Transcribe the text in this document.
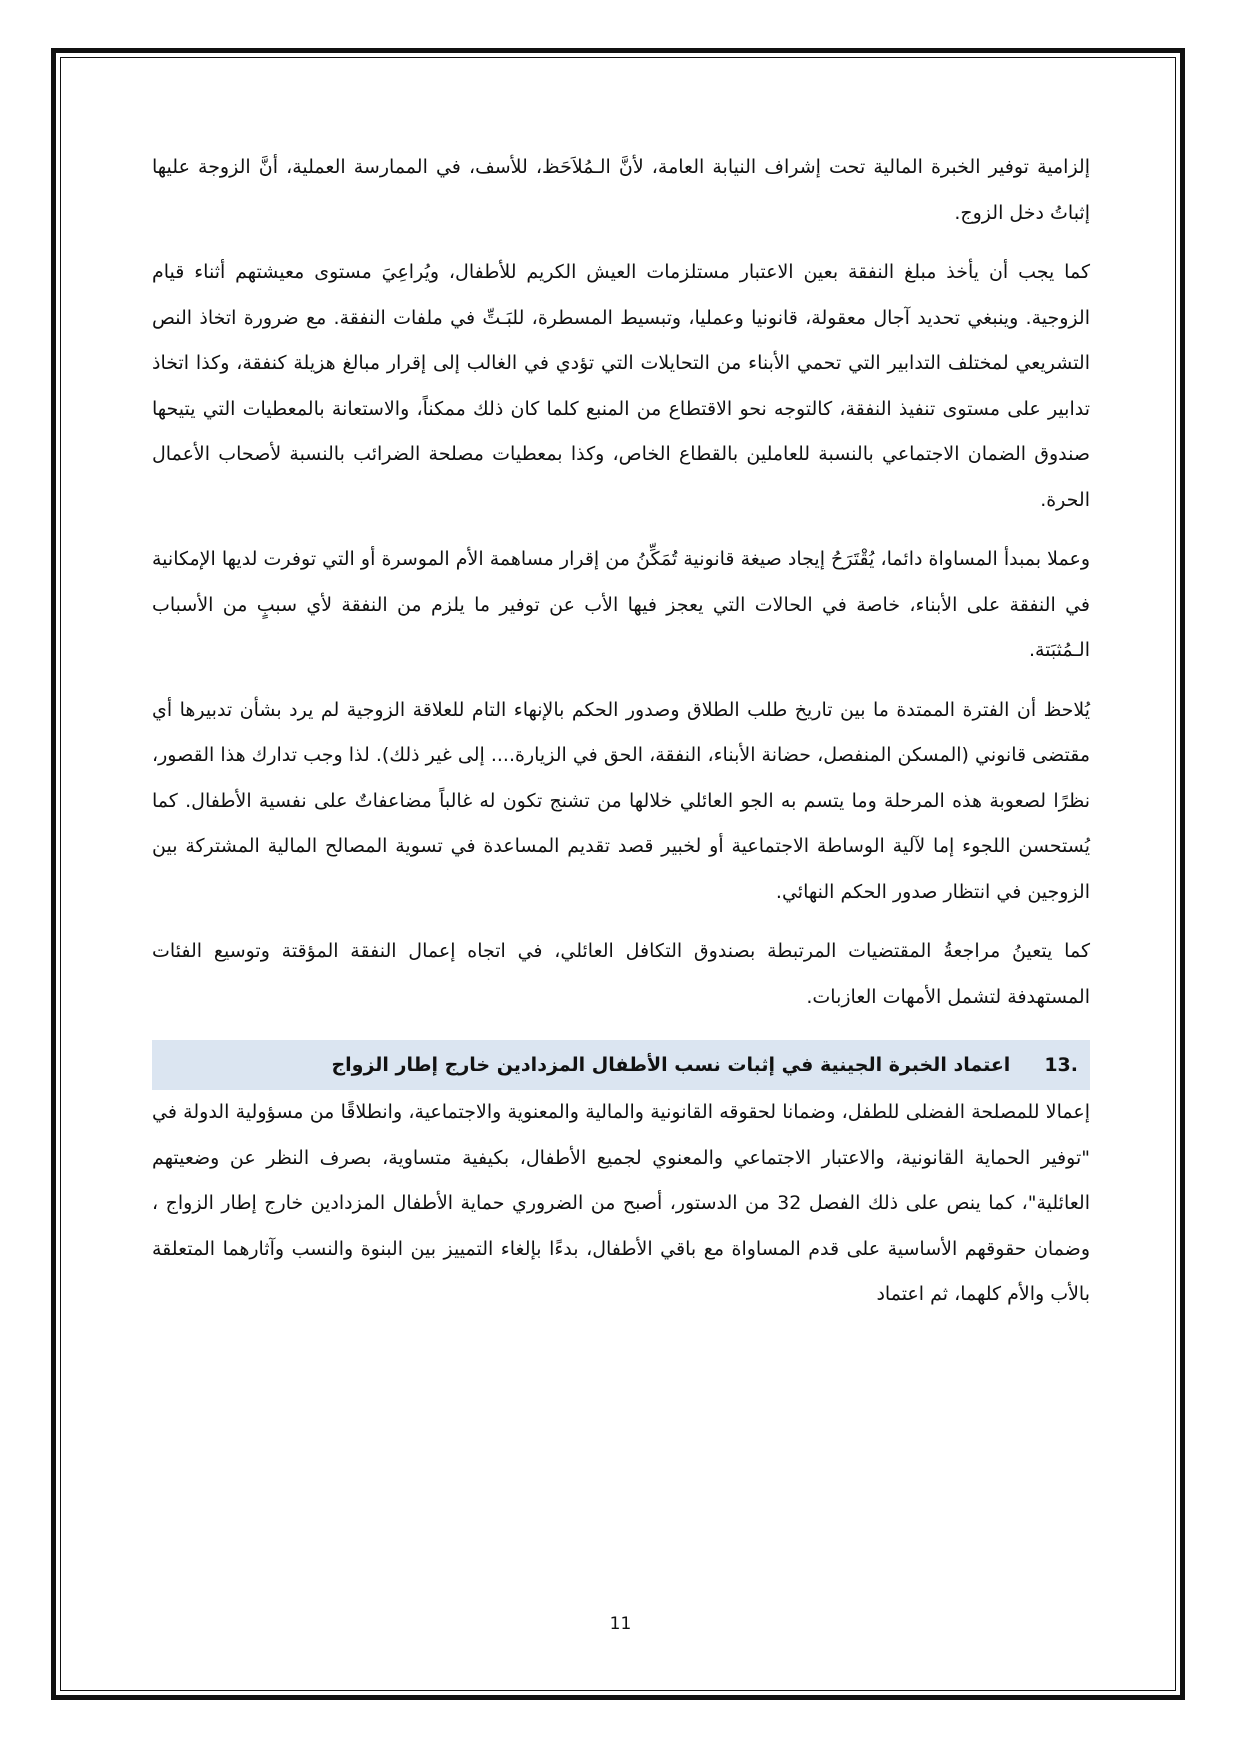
إلزامية توفير الخبرة المالية تحت إشراف النيابة العامة، لأنَّ الـمُلاَحَظ، للأسف، في الممارسة العملية، أنَّ الزوجة عليها إثباتُ دخل الزوج.

كما يجب أن يأخذ مبلغ النفقة بعين الاعتبار مستلزمات العيش الكريم للأطفال، ويُراعِيَ مستوى معيشتهم أثناء قيام الزوجية. وينبغي تحديد آجال معقولة، قانونيا وعمليا، وتبسيط المسطرة، للبَـتِّ في ملفات النفقة. مع ضرورة اتخاذ النص التشريعي لمختلف التدابير التي تحمي الأبناء من التحايلات التي تؤدي في الغالب إلى إقرار مبالغ هزيلة كنفقة، وكذا اتخاذ تدابير على مستوى تنفيذ النفقة، كالتوجه نحو الاقتطاع من المنبع كلما كان ذلك ممكناً، والاستعانة بالمعطيات التي يتيحها صندوق الضمان الاجتماعي بالنسبة للعاملين بالقطاع الخاص، وكذا بمعطيات مصلحة الضرائب بالنسبة لأصحاب الأعمال الحرة.

وعملا بمبدأ المساواة دائما، يُقْتَرَحُ إيجاد صيغة قانونية تُمَكِّنُ من إقرار مساهمة الأم الموسرة أو التي توفرت لديها الإمكانية في النفقة على الأبناء، خاصة في الحالات التي يعجز فيها الأب عن توفير ما يلزم من النفقة لأي سببٍ من الأسباب الـمُثبَتة.

يُلاحظ أن الفترة الممتدة ما بين تاريخ طلب الطلاق وصدور الحكم بالإنهاء التام للعلاقة الزوجية لم يرد بشأن تدبيرها أي مقتضى قانوني (المسكن المنفصل، حضانة الأبناء، النفقة، الحق في الزيارة.... إلى غير ذلك). لذا وجب تدارك هذا القصور، نظرًا لصعوبة هذه المرحلة وما يتسم به الجو العائلي خلالها من تشنج تكون له غالباً مضاعفاتٌ على نفسية الأطفال. كما يُستحسن اللجوء إما لآلية الوساطة الاجتماعية أو لخبير قصد تقديم المساعدة في تسوية المصالح المالية المشتركة بين الزوجين في انتظار صدور الحكم النهائي.

كما يتعينُ مراجعةُ المقتضيات المرتبطة بصندوق التكافل العائلي، في اتجاه إعمال النفقة المؤقتة وتوسيع الفئات المستهدفة لتشمل الأمهات العازبات.

13.
اعتماد الخبرة الجينية في إثبات نسب الأطفال المزدادين خارج إطار الزواج

إعمالا للمصلحة الفضلى للطفل، وضمانا لحقوقه القانونية والمالية والمعنوية والاجتماعية، وانطلاقًا من مسؤولية الدولة في "توفير الحماية القانونية، والاعتبار الاجتماعي والمعنوي لجميع الأطفال، بكيفية متساوية، بصرف النظر عن وضعيتهم العائلية"، كما ينص على ذلك الفصل 32 من الدستور، أصبح من الضروري حماية الأطفال المزدادين خارج إطار الزواج ، وضمان حقوقهم الأساسية على قدم المساواة مع باقي الأطفال، بدءًا بإلغاء التمييز بين البنوة والنسب وآثارهما المتعلقة بالأب والأم كلهما، ثم اعتماد

11
